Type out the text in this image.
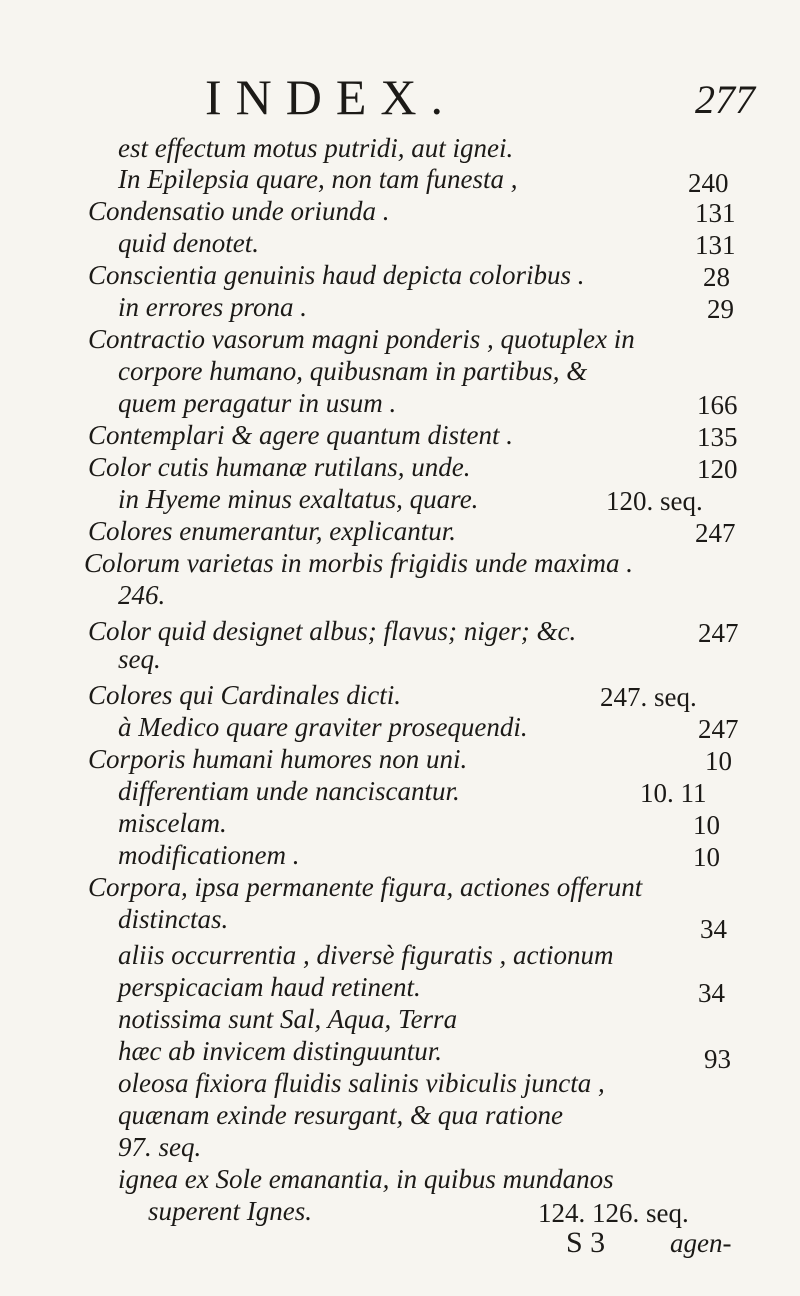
INDEX.	277
est effectum motus putridi, aut ignei.
In Epilepsia quare, non tam funesta ,	240
Condensatio unde oriunda .	131
quid denotet.	131
Conscientia genuinis haud depicta coloribus .	28
in errores prona .	29
Contractio vasorum magni ponderis , quotuplex in
corpore humano, quibusnam in partibus, &
quem peragatur in usum .	166
Contemplari & agere quantum distent .	135
Color cutis humanæ rutilans, unde.	120
in Hyeme minus exaltatus, quare.	120. seq.
Colores enumerantur, explicantur.	247
Colorum varietas in morbis frigidis unde maxima .
246.
Color quid designet albus; flavus; niger; &c.	247
seq.
Colores qui Cardinales dicti.	247. seq.
à Medico quare graviter prosequendi.	247
Corporis humani humores non uni.	10
differentiam unde nanciscantur.	10. 11
miscelam.	10
modificationem .	10
Corpora, ipsa permanente figura, actiones offerunt
distinctas.	34
aliis occurrentia , diversè figuratis , actionum
perspicaciam haud retinent.	34
notissima sunt Sal, Aqua, Terra
hæc ab invicem distinguuntur.	93
oleosa fixiora fluidis salinis vibiculis juncta ,
quænam exinde resurgant, & qua ratione
97. seq.
ignea ex Sole emanantia, in quibus mundanos
superent Ignes.	124. 126. seq.
S 3 agen-
